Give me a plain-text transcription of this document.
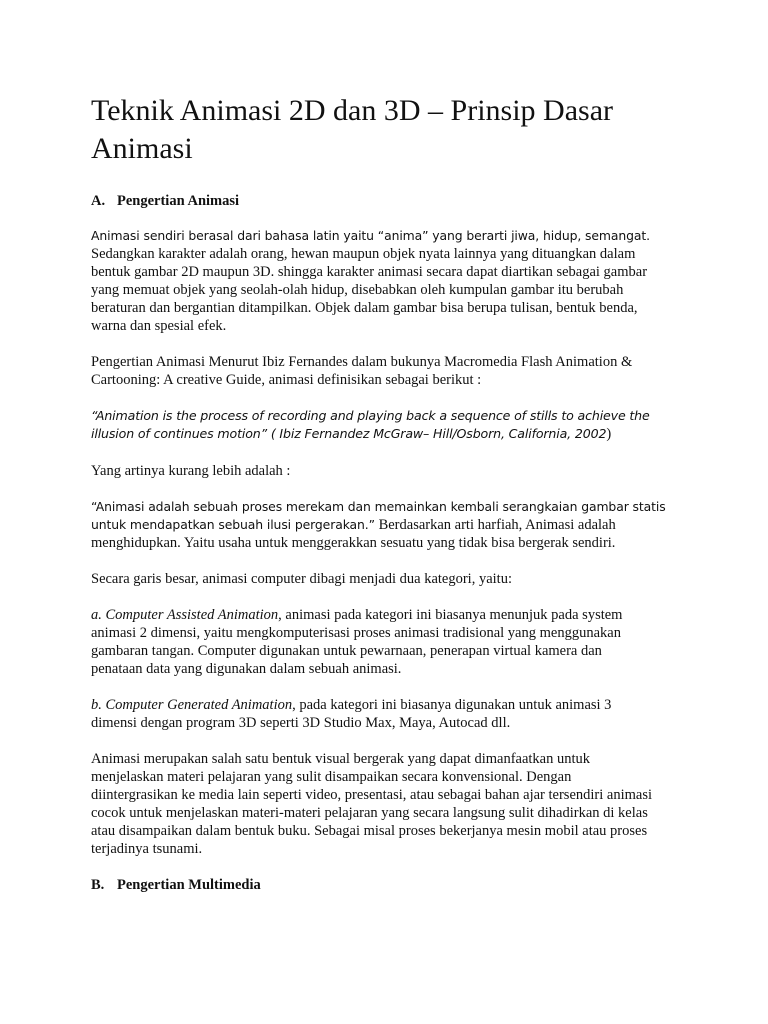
Teknik Animasi 2D dan 3D – Prinsip Dasar
Animasi
A. Pengertian Animasi
Animasi sendiri berasal dari bahasa latin yaitu “anima” yang berarti jiwa, hidup, semangat.
Sedangkan karakter adalah orang, hewan maupun objek nyata lainnya yang dituangkan dalam
bentuk gambar 2D maupun 3D. shingga karakter animasi secara dapat diartikan sebagai gambar
yang memuat objek yang seolah-olah hidup, disebabkan oleh kumpulan gambar itu berubah
beraturan dan bergantian ditampilkan. Objek dalam gambar bisa berupa tulisan, bentuk benda,
warna dan spesial efek.
Pengertian Animasi Menurut Ibiz Fernandes dalam bukunya Macromedia Flash Animation &
Cartooning: A creative Guide, animasi definisikan sebagai berikut :
“Animation is the process of recording and playing back a sequence of stills to achieve the
illusion of continues motion” ( Ibiz Fernandez McGraw– Hill/Osborn, California, 2002)
Yang artinya kurang lebih adalah :
“Animasi adalah sebuah proses merekam dan memainkan kembali serangkaian gambar statis
untuk mendapatkan sebuah ilusi pergerakan.” Berdasarkan arti harfiah, Animasi adalah
menghidupkan. Yaitu usaha untuk menggerakkan sesuatu yang tidak bisa bergerak sendiri.
Secara garis besar, animasi computer dibagi menjadi dua kategori, yaitu:
a. Computer Assisted Animation, animasi pada kategori ini biasanya menunjuk pada system
animasi 2 dimensi, yaitu mengkomputerisasi proses animasi tradisional yang menggunakan
gambaran tangan. Computer digunakan untuk pewarnaan, penerapan virtual kamera dan
penataan data yang digunakan dalam sebuah animasi.
b. Computer Generated Animation, pada kategori ini biasanya digunakan untuk animasi 3
dimensi dengan program 3D seperti 3D Studio Max, Maya, Autocad dll.
Animasi merupakan salah satu bentuk visual bergerak yang dapat dimanfaatkan untuk
menjelaskan materi pelajaran yang sulit disampaikan secara konvensional. Dengan
diintergrasikan ke media lain seperti video, presentasi, atau sebagai bahan ajar tersendiri animasi
cocok untuk menjelaskan materi-materi pelajaran yang secara langsung sulit dihadirkan di kelas
atau disampaikan dalam bentuk buku. Sebagai misal proses bekerjanya mesin mobil atau proses
terjadinya tsunami.
B. Pengertian Multimedia
